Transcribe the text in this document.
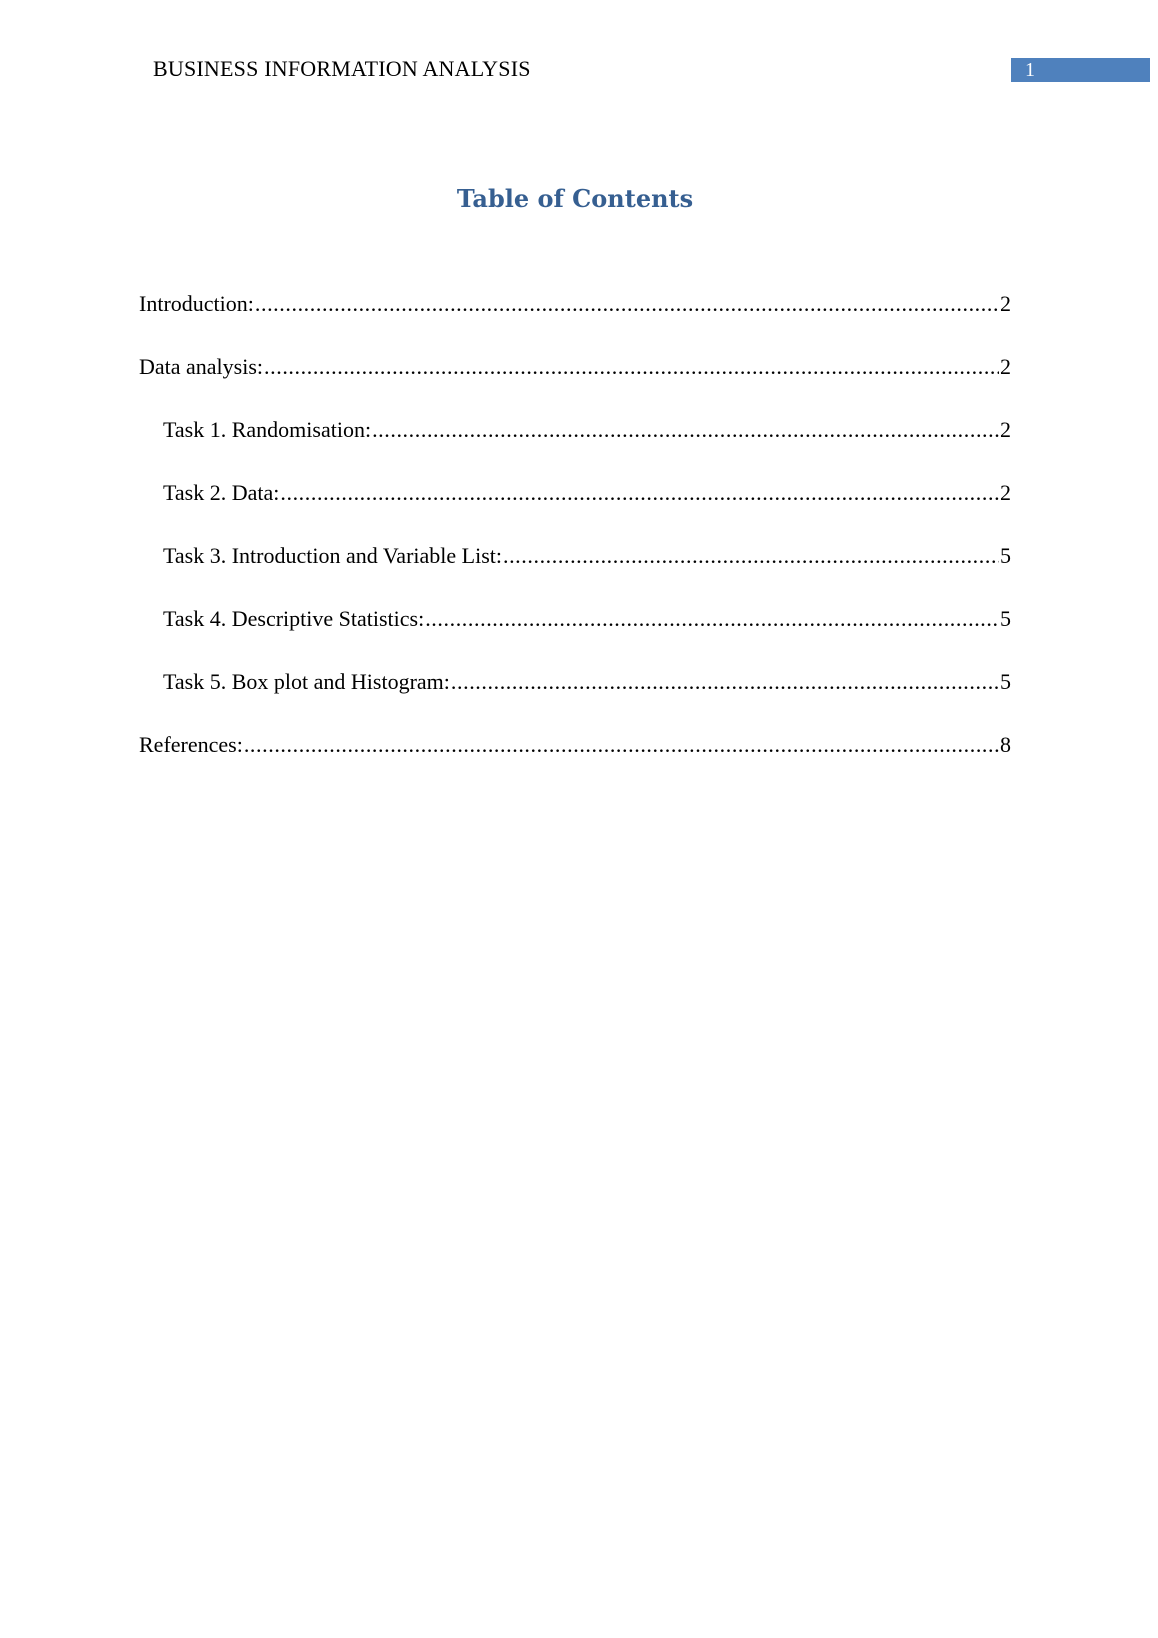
BUSINESS INFORMATION ANALYSIS	1
Table of Contents
Introduction: .....	2
Data analysis: .....	2
Task 1. Randomisation: .....	2
Task 2. Data: .....	2
Task 3. Introduction and Variable List: .....	5
Task 4. Descriptive Statistics: .....	5
Task 5. Box plot and Histogram: .....	5
References: .....	8
